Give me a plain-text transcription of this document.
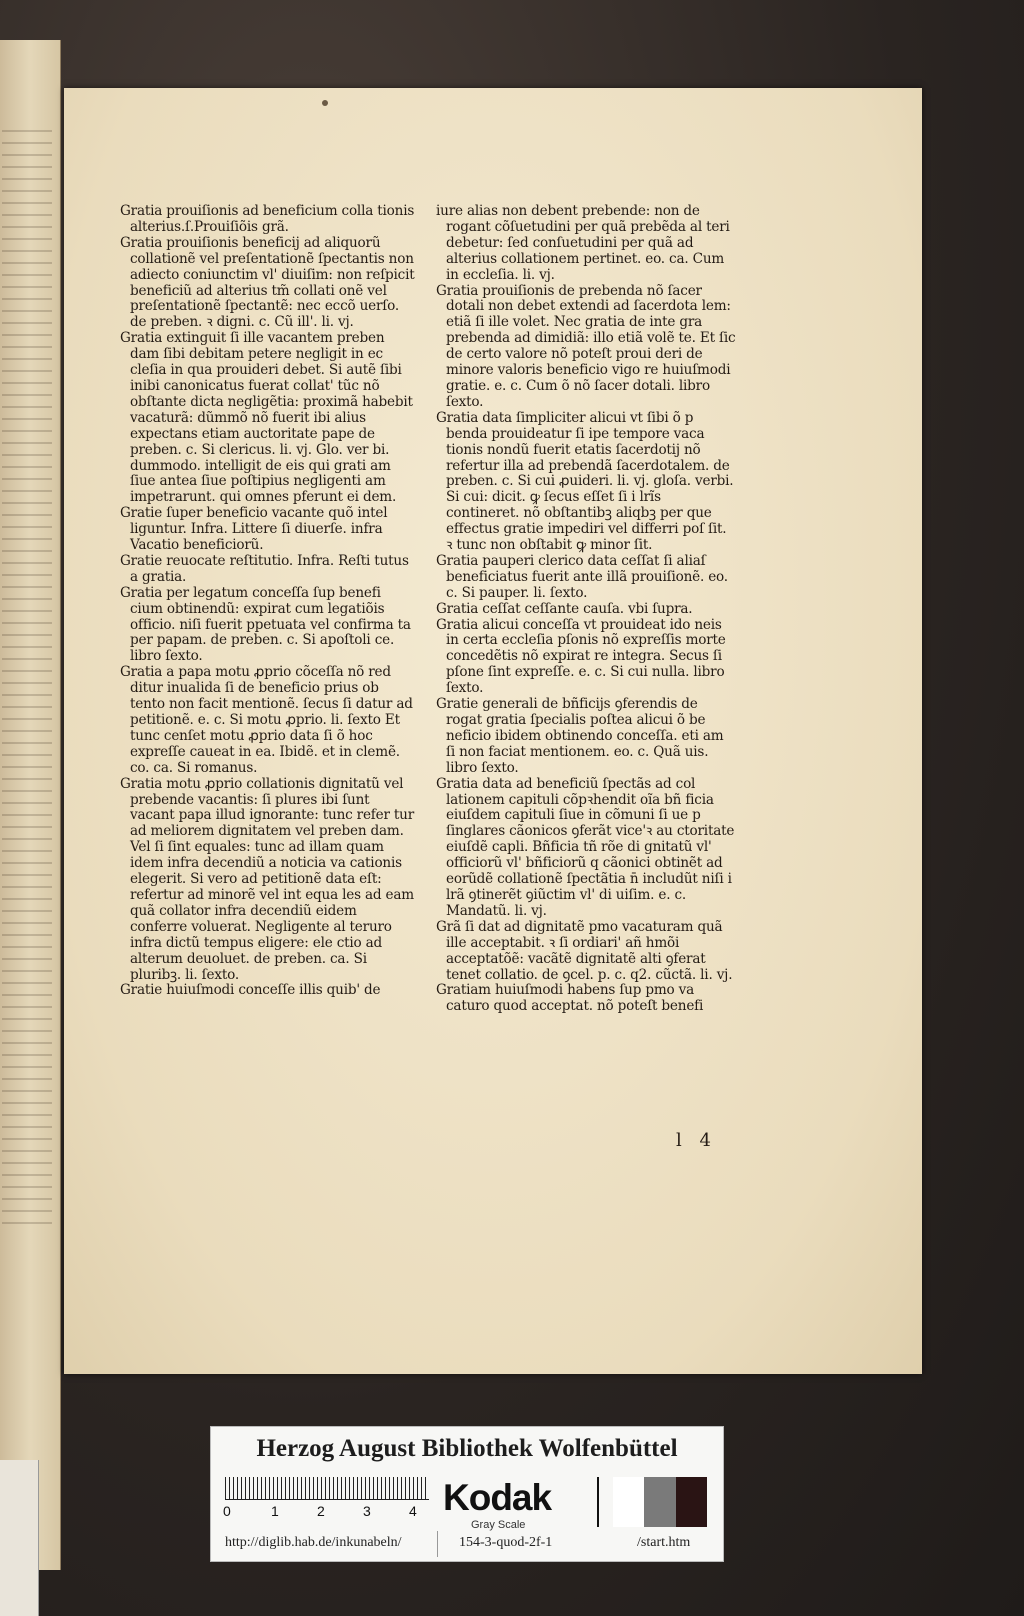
Gratia prouiſionis ad beneficium colla tionis alterius.ſ.Prouiſiõis grã.

Gratia prouiſionis beneficij ad aliquorũ collationẽ vel preſentationẽ ſpectantis non adiecto coniunctim vl' diuiſim: non reſpicit beneficiũ ad alterius tm̃ collati onẽ vel preſentationẽ ſpectantẽ: nec eccõ uerſo. de preben. ꝛ digni. c. Cũ ill'. li. vj.

Gratia extinguit ſi ille vacantem preben dam ſibi debitam petere negligit in ec cleſia in qua prouideri debet. Si autẽ ſibi inibi canonicatus fuerat collat' tũc nõ obſtante dicta negligẽtia: proximã habebit vacaturã: dũmmõ nõ fuerit ibi alius expectans etiam auctoritate pape de preben. c. Si clericus. li. vj. Glo. ver bi. dummodo. intelligit de eis qui grati am ſiue antea ſiue poſtipius negligenti am impetrarunt. qui omnes pferunt ei dem.

Gratie ſuper beneficio vacante quõ intel liguntur. Infra. Littere ſi diuerſe. infra Vacatio beneficiorũ.

Gratie reuocate reſtitutio. Infra. Reſti tutus a gratia.

Gratia per legatum conceſſa ſup benefi cium obtinendũ: expirat cum legatiõis officio. niſi fuerit ppetuata vel confirma ta per papam. de preben. c. Si apoſtoli ce. libro ſexto.

Gratia a papa motu ꝓprio cõceſſa nõ red ditur inualida ſi de beneficio prius ob tento non facit mentionẽ. ſecus ſi datur ad petitionẽ. e. c. Si motu ꝓprio. li. ſexto Et tunc cenſet motu ꝓprio data ſi õ hoc expreſſe caueat in ea. Ibidẽ. et in clemẽ. co. ca. Si romanus.

Gratia motu ꝓprio collationis dignitatũ vel prebende vacantis: ſi plures ibi ſunt vacant papa illud ignorante: tunc refer tur ad meliorem dignitatem vel preben dam. Vel ſi ſint equales: tunc ad illam quam idem infra decendiũ a noticia va cationis elegerit. Si vero ad petitionẽ data eſt: refertur ad minorẽ vel int equa les ad eam quã collator infra decendiũ eidem conferre voluerat. Negligente al teruro infra dictũ tempus eligere: ele ctio ad alterum deuoluet. de preben. ca. Si pluribꝫ. li. ſexto.

Gratie huiuſmodi conceſſe illis quib' de

iure alias non debent prebende: non de rogant cõſuetudini per quã prebẽda al teri debetur: ſed conſuetudini per quã ad alterius collationem pertinet. eo. ca. Cum in eccleſia. li. vj.

Gratia prouiſionis de prebenda nõ ſacer dotali non debet extendi ad ſacerdota lem: etiã ſi ille volet. Nec gratia de inte gra prebenda ad dimidiã: illo etiã volẽ te. Et ſic de certo valore nõ poteſt proui deri de minore valoris beneficio vigo re huiuſmodi gratie. e. c. Cum õ nõ ſacer dotali. libro ſexto.

Gratia data ſimpliciter alicui vt ſibi õ p benda prouideatur ſi ipe tempore vaca tionis nondũ fuerit etatis ſacerdotij nõ refertur illa ad prebendã ſacerdotalem. de preben. c. Si cui ꝓuideri. li. vj. gloſa. verbi. Si cui: dicit. ꝙ ſecus eſſet ſi i lrĩs contineret. nõ obſtantibꝫ aliqbꝫ per que effectus gratie impediri vel differri poſ ſit. ꝛ tunc non obſtabit ꝙ minor ſit.

Gratia pauperi clerico data ceſſat ſi aliaſ beneficiatus fuerit ante illã prouiſionẽ. eo. c. Si pauper. li. ſexto.

Gratia ceſſat ceſſante cauſa. vbi ſupra.

Gratia alicui conceſſa vt prouideat ido neis in certa eccleſia pſonis nõ expreſſis morte concedẽtis nõ expirat re integra. Secus ſi pſone ſint expreſſe. e. c. Si cui nulla. libro ſexto.

Gratie generali de bñficijs ꝯferendis de rogat gratia ſpecialis poſtea alicui õ be neficio ibidem obtinendo conceſſa. eti am ſi non faciat mentionem. eo. c. Quã uis. libro ſexto.

Gratia data ad beneficiũ ſpectãs ad col lationem capituli cõpꝛhendit oĩa bñ ficia eiuſdem capituli ſiue in cõmuni ſi ue p ſinglares cãonicos ꝯferãt vice'ꝛ au ctoritate eiuſdẽ capli. Bñficia tñ rõe di gnitatũ vl' officiorũ vl' bñficiorũ q cãonici obtinẽt ad eorũdẽ collationẽ ſpectãtia n̄ includũt niſi i lrã ꝯtinerẽt ꝯiũctim vl' di uiſim. e. c. Mandatũ. li. vj.

Grã ſi dat ad dignitatẽ pmo vacaturam quã ille acceptabit. ꝛ ſi ordiari' añ hmõi acceptatõẽ: vacãtẽ dignitatẽ alti ꝯferat tenet collatio. de ꝯcel. p. c. q2. cũctã. li. vj.

Gratiam huiuſmodi habens ſup pmo va caturo quod acceptat. nõ poteſt benefi

l 4
Herzog August Bibliothek Wolfenbüttel
0	1	2	3	4 Kodak
Gray Scale
http://diglib.hab.de/inkunabeln/	154-3-quod-2f-1	/start.htm
